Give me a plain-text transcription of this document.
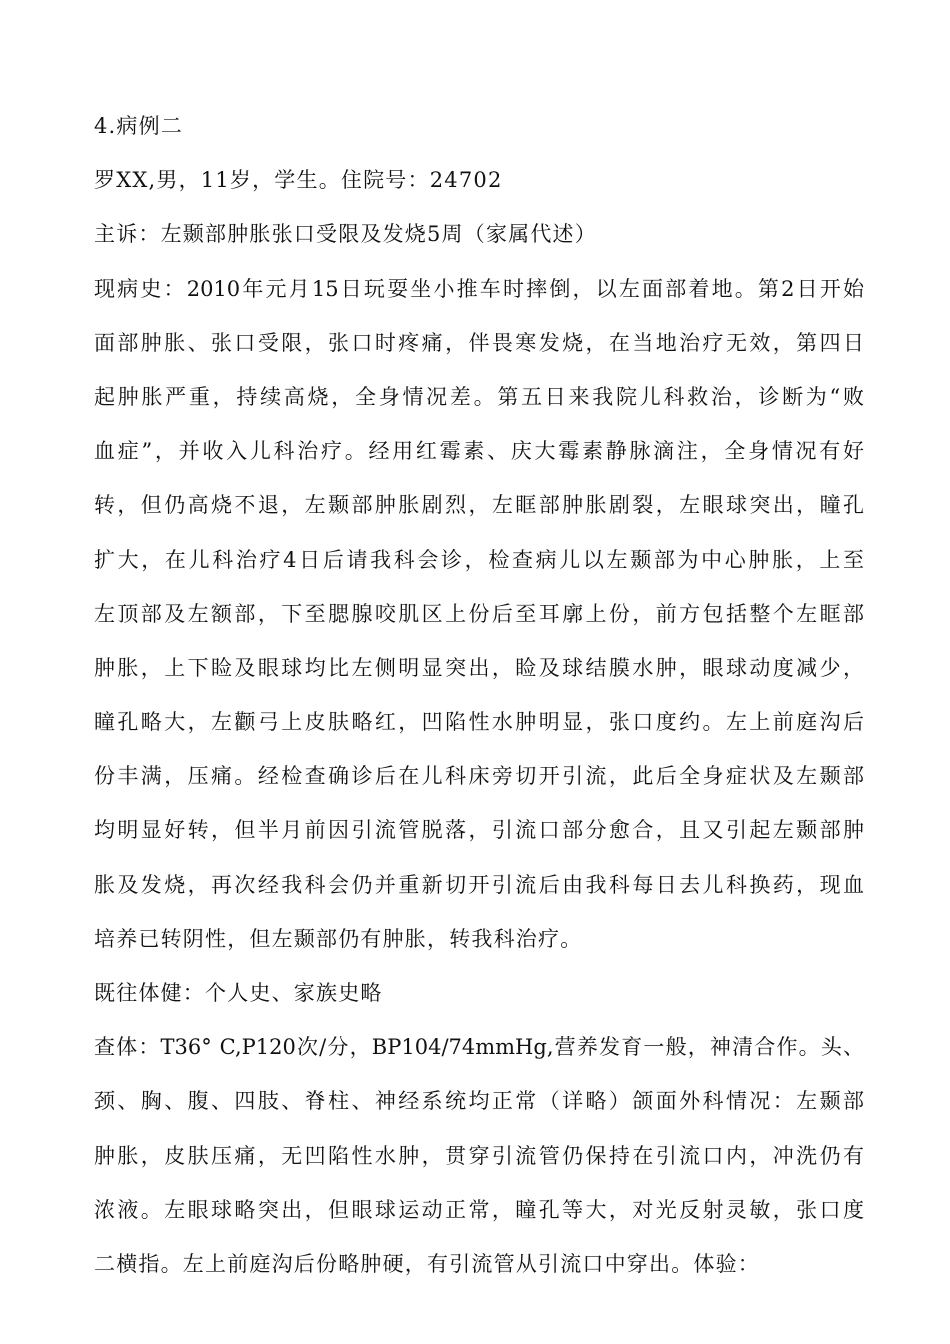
4.病例二
罗XX,男，11岁，学生。住院号：24702
主诉：左颞部肿胀张口受限及发烧5周（家属代述）
现病史：2010年元月15日玩耍坐小推车时摔倒，以左面部着地。第2日开始
面部肿胀、张口受限，张口时疼痛，伴畏寒发烧，在当地治疗无效，第四日
起肿胀严重，持续高烧，全身情况差。第五日来我院儿科救治，诊断为“败
血症”，并收入儿科治疗。经用红霉素、庆大霉素静脉滴注，全身情况有好
转，但仍高烧不退，左颞部肿胀剧烈，左眶部肿胀剧裂，左眼球突出，瞳孔
扩大，在儿科治疗4日后请我科会诊，检查病儿以左颞部为中心肿胀，上至
左顶部及左额部，下至腮腺咬肌区上份后至耳廓上份，前方包括整个左眶部
肿胀，上下睑及眼球均比左侧明显突出，睑及球结膜水肿，眼球动度减少，
瞳孔略大，左颧弓上皮肤略红，凹陷性水肿明显，张口度约。左上前庭沟后
份丰满，压痛。经检查确诊后在儿科床旁切开引流，此后全身症状及左颞部
均明显好转，但半月前因引流管脱落，引流口部分愈合，且又引起左颞部肿
胀及发烧，再次经我科会仍并重新切开引流后由我科每日去儿科换药，现血
培养已转阴性，但左颞部仍有肿胀，转我科治疗。
既往体健：个人史、家族史略
查体：T36° C,P120次/分，BP104/74mmHg,营养发育一般，神清合作。头、
颈、胸、腹、四肢、脊柱、神经系统均正常（详略）颌面外科情况：左颞部
肿胀，皮肤压痛，无凹陷性水肿，贯穿引流管仍保持在引流口内，冲洗仍有
浓液。左眼球略突出，但眼球运动正常，瞳孔等大，对光反射灵敏，张口度
二横指。左上前庭沟后份略肿硬，有引流管从引流口中穿出。体验：
